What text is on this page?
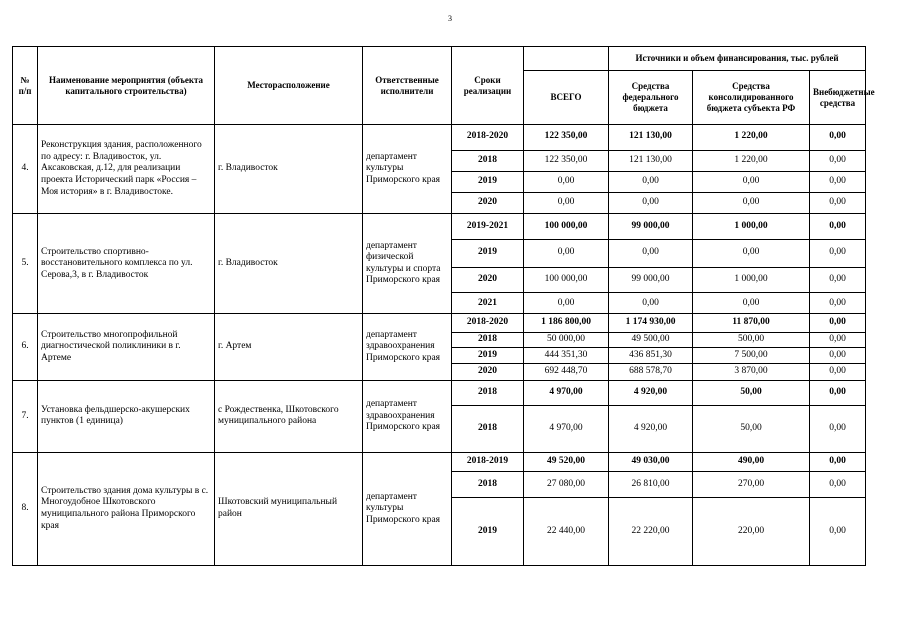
3
№ п/п	Наименование мероприятия (объекта капитального строительства)	Месторасположение	Ответственные исполнители	Сроки реализации		Источники и объем финансирования, тыс. рублей		
					ВСЕГО	Средства федерального бюджета	Средства консолидированного бюджета субъекта РФ	Внебюджетные средства
4.	Реконструкция здания, расположенного по адресу: г. Владивосток, ул. Аксаковская, д.12, для реализации проекта Исторический парк «Россия – Моя история» в г. Владивостоке.	г. Владивосток	департамент культуры Приморского края	2018-2020	122 350,00	121 130,00	1 220,00	0,00
				2018	122 350,00	121 130,00	1 220,00	0,00
				2019	0,00	0,00	0,00	0,00
				2020	0,00	0,00	0,00	0,00
5.	Строительство спортивно-восстановительного комплекса по ул. Серова,3, в г. Владивосток	г. Владивосток	департамент физической культуры и спорта Приморского края	2019-2021	100 000,00	99 000,00	1 000,00	0,00
				2019	0,00	0,00	0,00	0,00
				2020	100 000,00	99 000,00	1 000,00	0,00
				2021	0,00	0,00	0,00	0,00
6.	Строительство многопрофильной диагностической поликлиники в г. Артеме	г. Артем	департамент здравоохранения Приморского края	2018-2020	1 186 800,00	1 174 930,00	11 870,00	0,00
				2018	50 000,00	49 500,00	500,00	0,00
				2019	444 351,30	436 851,30	7 500,00	0,00
				2020	692 448,70	688 578,70	3 870,00	0,00
7.	Установка фельдшерско-акушерских пунктов (1 единица)	с Рождественка, Шкотовского муниципального района	департамент здравоохранения Приморского края	2018	4 970,00	4 920,00	50,00	0,00
				2018	4 970,00	4 920,00	50,00	0,00
8.	Строительство здания дома культуры в с. Многоудобное Шкотовского муниципального района Приморского края	Шкотовский муниципальный район	департамент культуры Приморского края	2018-2019	49 520,00	49 030,00	490,00	0,00
				2018	27 080,00	26 810,00	270,00	0,00
				2019	22 440,00	22 220,00	220,00	0,00
